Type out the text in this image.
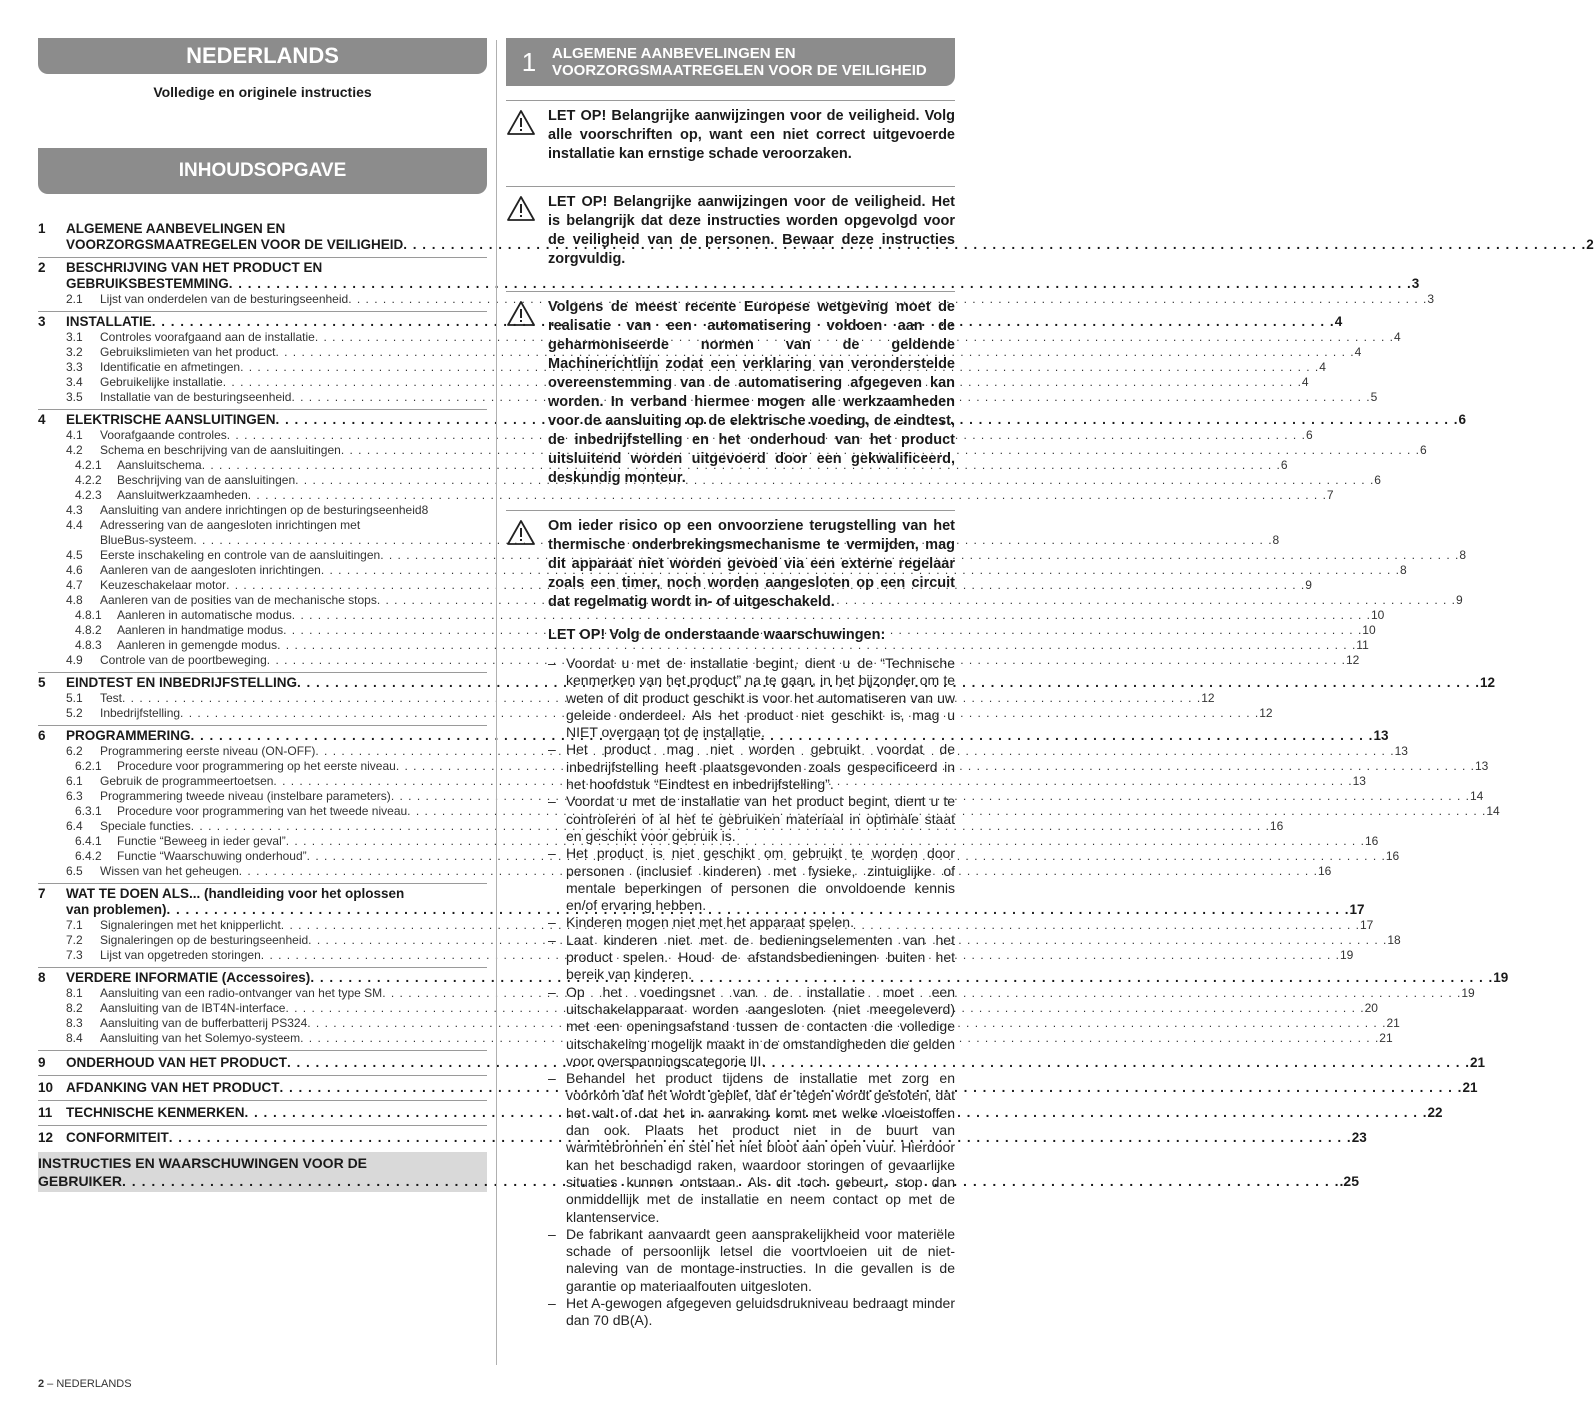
NEDERLANDS
Volledige en originele instructies
INHOUDSOPGAVE
1	ALGEMENE AANBEVELINGEN EN
VOORZORGSMAATREGELEN VOOR DE VEILIGHEID . . .	2
2	BESCHRIJVING VAN HET PRODUCT EN
GEBRUIKSBESTEMMING . . .	3
2.1 Lijst van onderdelen van de besturingseenheid . . .	3
3	INSTALLATIE . . .	4
3.1 Controles voorafgaand aan de installatie . . .	4
3.2 Gebruikslimieten van het product . . .	4
3.3 Identificatie en afmetingen . . .	4
3.4 Gebruikelijke installatie . . .	4
3.5 Installatie van de besturingseenheid . . .	5
4	ELEKTRISCHE AANSLUITINGEN . . .	6
4.1 Voorafgaande controles . . .	6
4.2 Schema en beschrijving van de aansluitingen . . .	6
4.2.1 Aansluitschema . . .	6
4.2.2 Beschrijving van de aansluitingen . . .	6
4.2.3 Aansluitwerkzaamheden . . .	7
4.3 Aansluiting van andere inrichtingen op de besturingseenheid 8
4.4 Adressering van de aangesloten inrichtingen met
BlueBus-systeem . . .	8
4.5 Eerste inschakeling en controle van de aansluitingen . . .	8
4.6 Aanleren van de aangesloten inrichtingen . . .	8
4.7 Keuzeschakelaar motor . . .	9
4.8 Aanleren van de posities van de mechanische stops . . .	9
4.8.1 Aanleren in automatische modus . . .	10
4.8.2 Aanleren in handmatige modus . . .	10
4.8.3 Aanleren in gemengde modus . . .	11
4.9 Controle van de poortbeweging . . .	12
5	EINDTEST EN INBEDRIJFSTELLING . . .	12
5.1 Test . . .	12
5.2 Inbedrijfstelling . . .	12
6	PROGRAMMERING . . .	13
6.2 Programmering eerste niveau (ON-OFF) . . .	13
6.2.1 Procedure voor programmering op het eerste niveau . . .	13
6.1 Gebruik de programmeertoetsen . . .	13
6.3 Programmering tweede niveau (instelbare parameters) . . .	14
6.3.1 Procedure voor programmering van het tweede niveau . . .	14
6.4 Speciale functies . . .	16
6.4.1 Functie “Beweeg in ieder geval” . . .	16
6.4.2 Functie “Waarschuwing onderhoud” . . .	16
6.5 Wissen van het geheugen . . .	16
7	WAT TE DOEN ALS... (handleiding voor het oplossen
van problemen) . . .	17
7.1 Signaleringen met het knipperlicht . . .	17
7.2 Signaleringen op de besturingseenheid . . .	18
7.3 Lijst van opgetreden storingen . . .	19
8	VERDERE INFORMATIE (Accessoires) . . .	19
8.1 Aansluiting van een radio-ontvanger van het type SM . . .	19
8.2 Aansluiting van de IBT4N-interface . . .	20
8.3 Aansluiting van de bufferbatterij PS324 . . .	21
8.4 Aansluiting van het Solemyo-systeem . . .	21
9	ONDERHOUD VAN HET PRODUCT . . .	21
10 AFDANKING VAN HET PRODUCT . . .	21
11	TECHNISCHE KENMERKEN . . .	22
12 CONFORMITEIT . . .	23
INSTRUCTIES EN WAARSCHUWINGEN VOOR DE
GEBRUIKER . . .	.25
1	ALGEMENE AANBEVELINGEN EN
VOORZORGSMAATREGELEN VOOR DE VEILIGHEID
LET OP! Belangrijke aanwijzingen voor de veiligheid. Volg alle voorschriften op, want een niet correct uitgevoerde installatie kan ernstige schade veroorzaken.
LET OP! Belangrijke aanwijzingen voor de veiligheid. Het is belangrijk dat deze instructies worden opgevolgd voor de veiligheid van de personen. Bewaar deze instructies zorgvuldig.
Volgens de meest recente Europese wetgeving moet de realisatie van een automatisering voldoen aan de geharmoniseerde normen van de geldende Machinerichtlijn zodat een verklaring van veronderstelde overeenstemming van de automatisering afgegeven kan worden. In verband hiermee mogen alle werkzaamheden voor de aansluiting op de elektrische voeding, de eindtest, de inbedrijfstelling en het onderhoud van het product uitsluitend worden uitgevoerd door een gekwalificeerd, deskundig monteur.
Om ieder risico op een onvoorziene terugstelling van het thermische onderbrekingsmechanisme te vermijden, mag dit apparaat niet worden gevoed via een externe regelaar zoals een timer, noch worden aangesloten op een circuit dat regelmatig wordt in- of uitgeschakeld.
LET OP! Volg de onderstaande waarschuwingen:
– Voordat u met de installatie begint, dient u de “Technische kenmerken van het product” na te gaan, in het bijzonder om te weten of dit product geschikt is voor het automatiseren van uw geleide onderdeel. Als het product niet geschikt is, mag u NIET overgaan tot de installatie.
– Het product mag niet worden gebruikt voordat de inbedrijfstelling heeft plaatsgevonden zoals gespecificeerd in het hoofdstuk “Eindtest en inbedrijfstelling”.
– Voordat u met de installatie van het product begint, dient u te controleren of al het te gebruiken materiaal in optimale staat en geschikt voor gebruik is.
– Het product is niet geschikt om gebruikt te worden door personen (inclusief kinderen) met fysieke, zintuiglijke of mentale beperkingen of personen die onvoldoende kennis en/of ervaring hebben.
– Kinderen mogen niet met het apparaat spelen.
– Laat kinderen niet met de bedieningselementen van het product spelen. Houd de afstandsbedieningen buiten het bereik van kinderen.
– Op het voedingsnet van de installatie moet een uitschakelapparaat worden aangesloten (niet meegeleverd) met een openingsafstand tussen de contacten die volledige uitschakeling mogelijk maakt in de omstandigheden die gelden voor overspanningscategorie III.
– Behandel het product tijdens de installatie met zorg en voorkom dat het wordt geplet, dat er tegen wordt gestoten, dat het valt of dat het in aanraking komt met welke vloeistoffen dan ook. Plaats het product niet in de buurt van warmtebronnen en stel het niet bloot aan open vuur. Hierdoor kan het beschadigd raken, waardoor storingen of gevaarlijke situaties kunnen ontstaan. Als dit toch gebeurt, stop dan onmiddellijk met de installatie en neem contact op met de klantenservice.
– De fabrikant aanvaardt geen aansprakelijkheid voor materiële schade of persoonlijk letsel die voortvloeien uit de niet-naleving van de montage-instructies. In die gevallen is de garantie op materiaalfouten uitgesloten.
– Het A-gewogen afgegeven geluidsdrukniveau bedraagt minder dan 70 dB(A).
2 – NEDERLANDS
